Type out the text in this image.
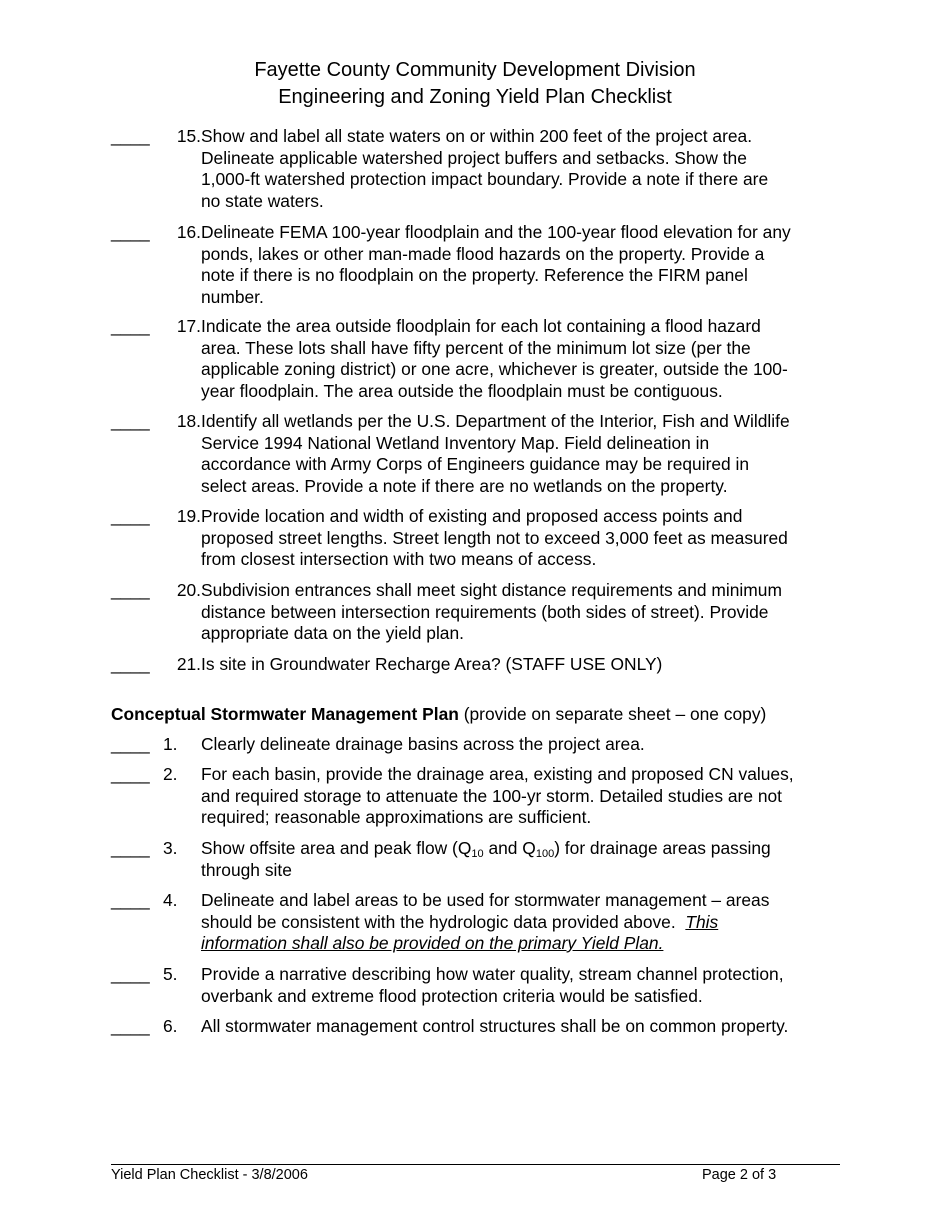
Fayette County Community Development Division
Engineering and Zoning Yield Plan Checklist
____	15. Show and label all state waters on or within 200 feet of the project area.
Delineate applicable watershed project buffers and setbacks. Show the
1,000-ft watershed protection impact boundary. Provide a note if there are
no state waters.
____	16. Delineate FEMA 100-year floodplain and the 100-year flood elevation for any
ponds, lakes or other man-made flood hazards on the property. Provide a
note if there is no floodplain on the property. Reference the FIRM panel
number.
____	17. Indicate the area outside floodplain for each lot containing a flood hazard
area. These lots shall have fifty percent of the minimum lot size (per the
applicable zoning district) or one acre, whichever is greater, outside the 100-
year floodplain. The area outside the floodplain must be contiguous.
____	18. Identify all wetlands per the U.S. Department of the Interior, Fish and Wildlife
Service 1994 National Wetland Inventory Map. Field delineation in
accordance with Army Corps of Engineers guidance may be required in
select areas. Provide a note if there are no wetlands on the property.
____	19. Provide location and width of existing and proposed access points and
proposed street lengths. Street length not to exceed 3,000 feet as measured
from closest intersection with two means of access.
____	20. Subdivision entrances shall meet sight distance requirements and minimum
distance between intersection requirements (both sides of street). Provide
appropriate data on the yield plan.
____	21. Is site in Groundwater Recharge Area? (STAFF USE ONLY)
Conceptual Stormwater Management Plan (provide on separate sheet – one copy)
____ 1.	Clearly delineate drainage basins across the project area.
____ 2.	For each basin, provide the drainage area, existing and proposed CN values,
and required storage to attenuate the 100-yr storm. Detailed studies are not
required; reasonable approximations are sufficient.
____ 3.	Show offsite area and peak flow ($Q_{10}$ and $Q_{100}$) for drainage areas passing
through site
____ 4.	Delineate and label areas to be used for stormwater management – areas
should be consistent with the hydrologic data provided above.  This
information shall also be provided on the primary Yield Plan.
____ 5.	Provide a narrative describing how water quality, stream channel protection,
overbank and extreme flood protection criteria would be satisfied.
____ 6.	All stormwater management control structures shall be on common property.
Yield Plan Checklist - 3/8/2006	Page 2 of 3
